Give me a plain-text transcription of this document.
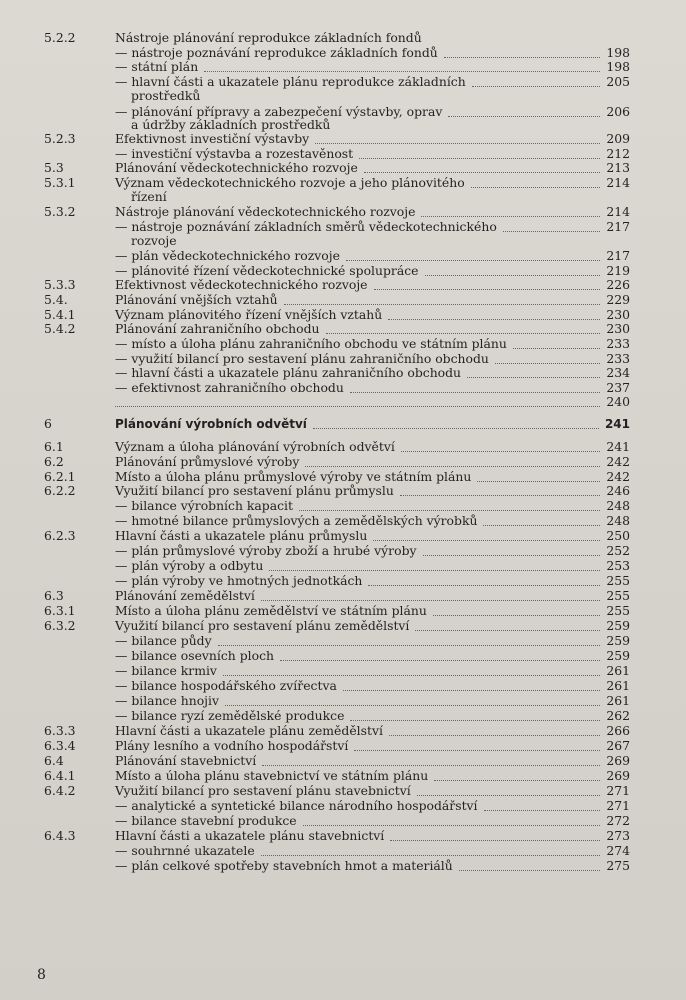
5.2.2	Nástroje plánování reprodukce základních fondů
— nástroje poznávání reprodukce základních fondů	198
— státní plán	198
— hlavní části a ukazatele plánu reprodukce základních	205
prostředků
— plánování přípravy a zabezpečení výstavby, oprav	206
a údržby základních prostředků
5.2.3	Efektivnost investiční výstavby	209
— investiční výstavba a rozestavěnost	212
5.3	Plánování vědeckotechnického rozvoje	213
5.3.1	Význam vědeckotechnického rozvoje a jeho plánovitého	214
řízení
5.3.2	Nástroje plánování vědeckotechnického rozvoje	214
— nástroje poznávání základních směrů vědeckotechnického	217
rozvoje
— plán vědeckotechnického rozvoje	217
— plánovité řízení vědeckotechnické spolupráce	219
5.3.3	Efektivnost vědeckotechnického rozvoje	226
5.4.	Plánování vnějších vztahů	229
5.4.1	Význam plánovitého řízení vnějších vztahů	230
5.4.2	Plánování zahraničního obchodu	230
— místo a úloha plánu zahraničního obchodu ve státním plánu	233
— využití bilancí pro sestavení plánu zahraničního obchodu	233
— hlavní části a ukazatele plánu zahraničního obchodu	234
— efektivnost zahraničního obchodu	237
240
6	Plánování výrobních odvětví	241
6.1	Význam a úloha plánování výrobních odvětví	241
6.2	Plánování průmyslové výroby	242
6.2.1	Místo a úloha plánu průmyslové výroby ve státním plánu	242
6.2.2	Využití bilancí pro sestavení plánu průmyslu	246
— bilance výrobních kapacit	248
— hmotné bilance průmyslových a zemědělských výrobků	248
6.2.3	Hlavní části a ukazatele plánu průmyslu	250
— plán průmyslové výroby zboží a hrubé výroby	252
— plán výroby a odbytu	253
— plán výroby ve hmotných jednotkách	255
6.3	Plánování zemědělství	255
6.3.1	Místo a úloha plánu zemědělství ve státním plánu	255
6.3.2	Využití bilancí pro sestavení plánu zemědělství	259
— bilance půdy	259
— bilance osevních ploch	259
— bilance krmiv	261
— bilance hospodářského zvířectva	261
— bilance hnojiv	261
— bilance ryzí zemědělské produkce	262
6.3.3	Hlavní části a ukazatele plánu zemědělství	266
6.3.4	Plány lesního a vodního hospodářství	267
6.4	Plánování stavebnictví	269
6.4.1	Místo a úloha plánu stavebnictví ve státním plánu	269
6.4.2	Využití bilancí pro sestavení plánu stavebnictví	271
— analytické a syntetické bilance národního hospodářství	271
— bilance stavební produkce	272
6.4.3	Hlavní části a ukazatele plánu stavebnictví	273
— souhrnné ukazatele	274
— plán celkové spotřeby stavebních hmot a materiálů	275
8
